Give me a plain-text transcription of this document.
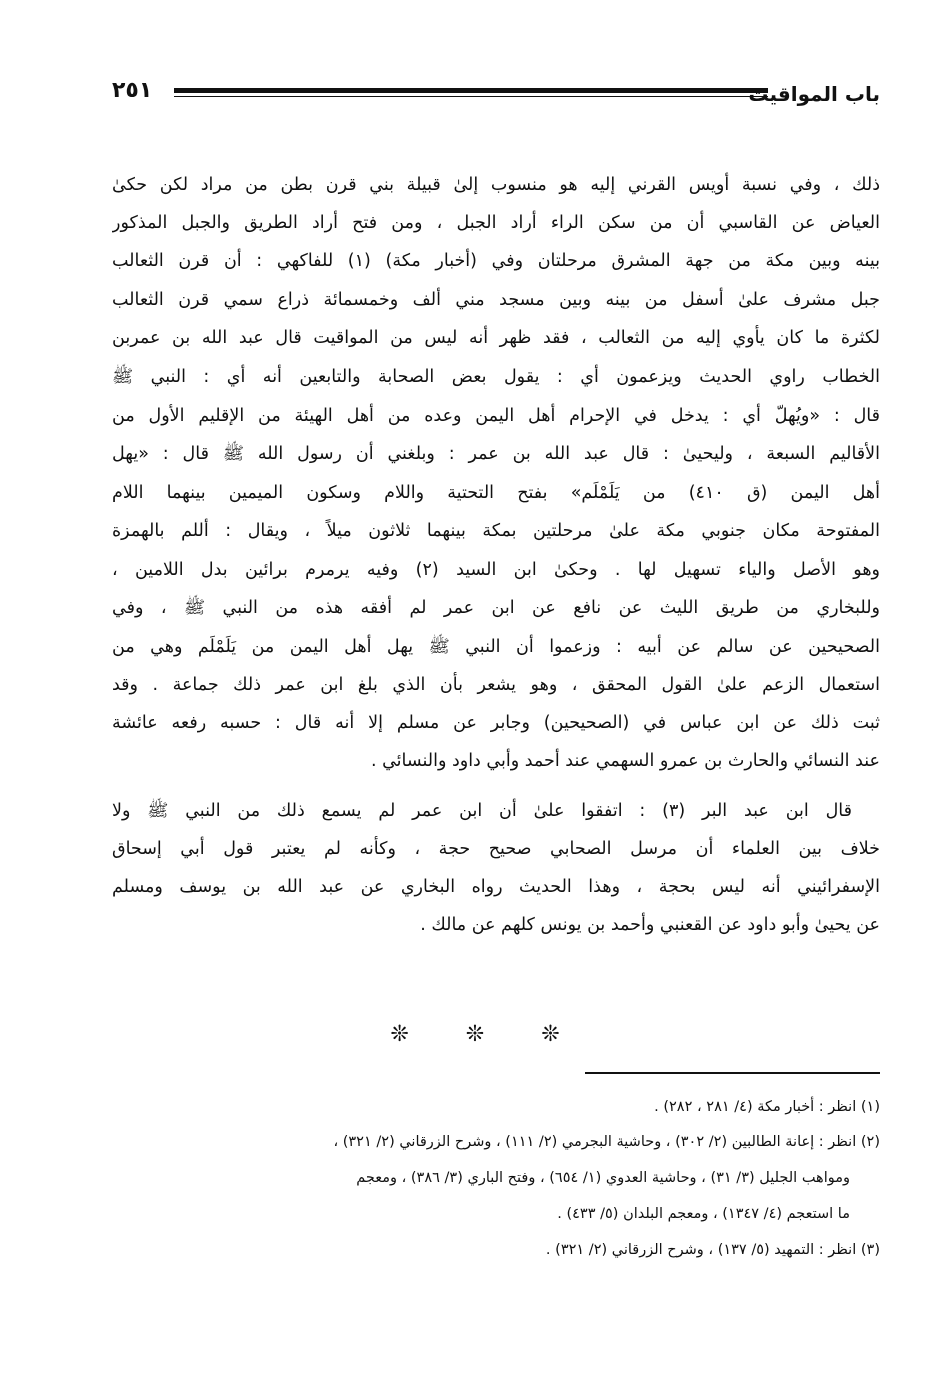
٢٥١	باب المواقيت
ذلك ، وفي نسبة أويس القرني إليه هو منسوب إلىٰ قبيلة بني قرن بطن من مراد لكن حكىٰ
العياض عن القاسبي أن من سكن الراء أراد الجبل ، ومن فتح أراد الطريق والجبل المذكور
بينه وبين مكة من جهة المشرق مرحلتان وفي (أخبار مكة) (١) للفاكهي : أن قرن الثعالب
جبل مشرف علىٰ أسفل من بينه وبين مسجد مني ألف وخمسمائة ذراع سمي قرن الثعالب
لكثرة ما كان يأوي إليه من الثعالب ، فقد ظهر أنه ليس من المواقيت قال عبد الله بن عمربن
الخطاب راوي الحديث ويزعمون أي : يقول بعض الصحابة والتابعين أنه أي : النبي ﷺ
قال : «ويُهلّ أي : يدخل في الإحرام أهل اليمن وعده من أهل الهيئة من الإقليم الأول من
الأقاليم السبعة ، وليحيىٰ : قال عبد الله بن عمر : وبلغني أن رسول الله ﷺ قال : «يهل
أهل اليمن (ق ٤١٠) من يَلَمْلَم» بفتح التحتية واللام وسكون الميمين بينهما اللام
المفتوحة مكان جنوبي مكة علىٰ مرحلتين بمكة بينهما ثلاثون ميلاً ، ويقال : أللم بالهمزة
وهو الأصل والياء تسهيل لها . وحكىٰ ابن السيد (٢) وفيه يرمرم برائين بدل اللامين ،
وللبخاري من طريق الليث عن نافع عن ابن عمر لم أفقه هذه من النبي ﷺ ، وفي
الصحيحين عن سالم عن أبيه : وزعموا أن النبي ﷺ يهل أهل اليمن من يَلَمْلَم وهي من
استعمال الزعم علىٰ القول المحقق ، وهو يشعر بأن الذي بلغ ابن عمر ذلك جماعة . وقد
ثبت ذلك عن ابن عباس في (الصحيحين) وجابر عن مسلم إلا أنه قال : حسبه رفعه عائشة
عند النسائي والحارث بن عمرو السهمي عند أحمد وأبي داود والنسائي .
قال ابن عبد البر (٣) : اتفقوا علىٰ أن ابن عمر لم يسمع ذلك من النبي ﷺ ولا
خلاف بين العلماء أن مرسل الصحابي صحيح حجة ، وكأنه لم يعتبر قول أبي إسحاق
الإسفرائيني أنه ليس بحجة ، وهذا الحديث رواه البخاري عن عبد الله بن يوسف ومسلم
عن يحيىٰ وأبو داود عن القعنبي وأحمد بن يونس كلهم عن مالك .
❊ ❊ ❊
(١) انظر : أخبار مكة (٤/ ٢٨١ ، ٢٨٢) .
(٢) انظر : إعانة الطالبين (٢/ ٣٠٢) ، وحاشية البجرمي (٢/ ١١١) ، وشرح الزرقاني (٢/ ٣٢١) ،
ومواهب الجليل (٣/ ٣١) ، وحاشية العدوي (١/ ٦٥٤) ، وفتح الباري (٣/ ٣٨٦) ، ومعجم
ما استعجم (٤/ ١٣٤٧) ، ومعجم البلدان (٥/ ٤٣٣) .
(٣) انظر : التمهيد (٥/ ١٣٧) ، وشرح الزرقاني (٢/ ٣٢١) .
